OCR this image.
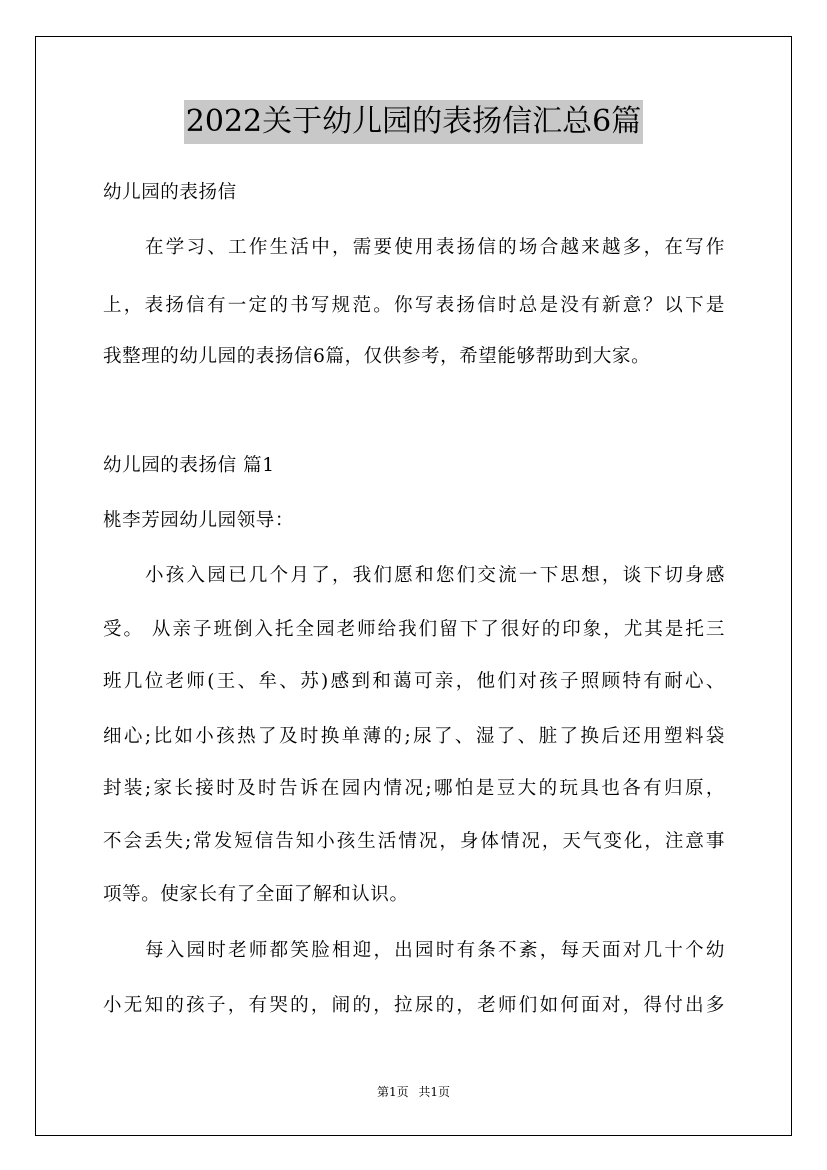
2022关于幼儿园的表扬信汇总6篇
幼儿园的表扬信
在学习、工作生活中，需要使用表扬信的场合越来越多，在写作
上，表扬信有一定的书写规范。你写表扬信时总是没有新意？以下是
我整理的幼儿园的表扬信6篇，仅供参考，希望能够帮助到大家。
幼儿园的表扬信 篇1
桃李芳园幼儿园领导：
小孩入园已几个月了，我们愿和您们交流一下思想，谈下切身感
受。 从亲子班倒入托全园老师给我们留下了很好的印象，尤其是托三
班几位老师(王、牟、苏)感到和蔼可亲，他们对孩子照顾特有耐心、
细心;比如小孩热了及时换单薄的;尿了、湿了、脏了换后还用塑料袋
封装;家长接时及时告诉在园内情况;哪怕是豆大的玩具也各有归原，
不会丢失;常发短信告知小孩生活情况，身体情况，天气变化，注意事
项等。使家长有了全面了解和认识。
每入园时老师都笑脸相迎，出园时有条不紊，每天面对几十个幼
小无知的孩子，有哭的，闹的，拉尿的，老师们如何面对，得付出多
第1页 共1页
